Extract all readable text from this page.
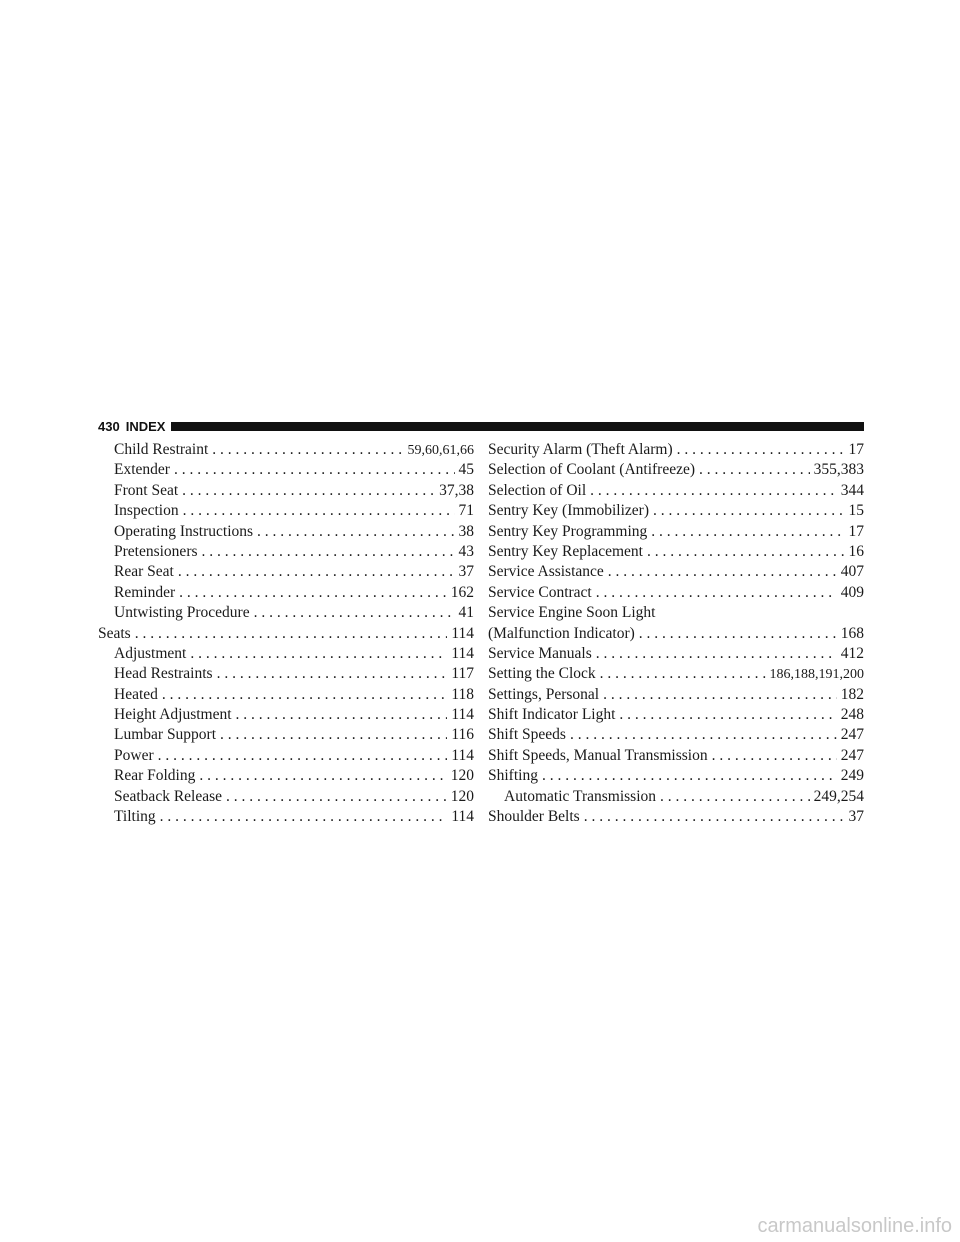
430 INDEX
Child Restraint . . .	59,60,61,66
Extender . . .	45
Front Seat . . .	37,38
Inspection . . .	71
Operating Instructions . . .	38
Pretensioners . . .	43
Rear Seat . . .	37
Reminder . . .	162
Untwisting Procedure . . .	41
Seats . . .	114
Adjustment . . .	114
Head Restraints . . .	117
Heated . . .	118
Height Adjustment . . .	114
Lumbar Support . . .	116
Power . . .	114
Rear Folding . . .	120
Seatback Release . . .	120
Tilting . . .	114
Security Alarm (Theft Alarm) . . .	17
Selection of Coolant (Antifreeze) . . .	355,383
Selection of Oil . . .	344
Sentry Key (Immobilizer) . . .	15
Sentry Key Programming . . .	17
Sentry Key Replacement . . .	16
Service Assistance . . .	407
Service Contract . . .	409
Service Engine Soon Light
(Malfunction Indicator) . . .	168
Service Manuals . . .	412
Setting the Clock . . .	186,188,191,200
Settings, Personal . . .	182
Shift Indicator Light . . .	248
Shift Speeds . . .	247
Shift Speeds, Manual Transmission . . .	247
Shifting . . .	249
Automatic Transmission . . .	249,254
Shoulder Belts . . .	37
carmanualsonline.info
